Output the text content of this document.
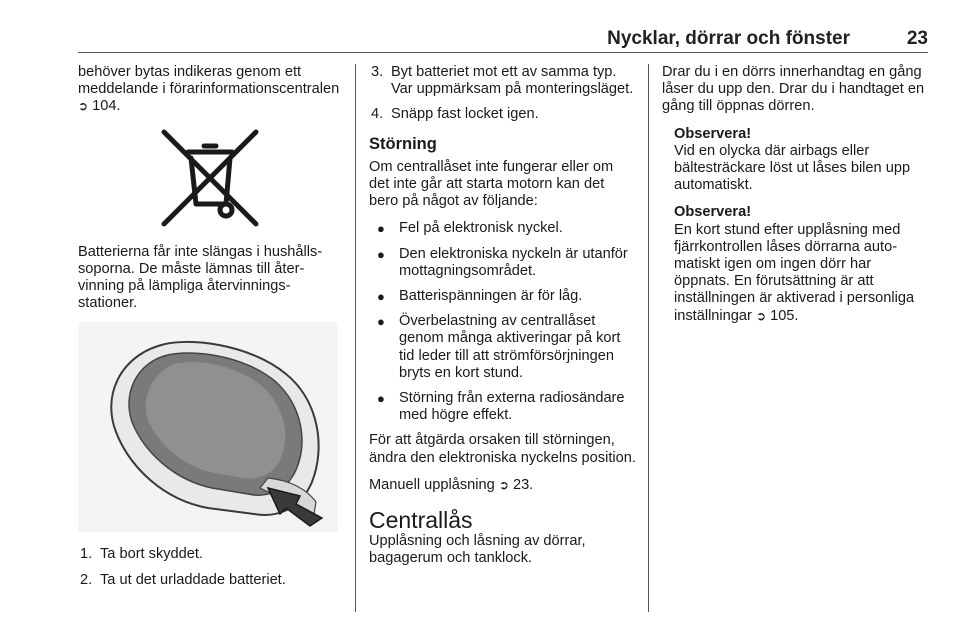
Nycklar, dörrar och fönster	23

behöver bytas indikeras genom ett meddelande i förarinformationscentralen ➲ 104.

Batterierna får inte slängas i hushållssoporna. De måste lämnas till återvinning på lämpliga återvinningsstationer.

1. Ta bort skyddet.
2. Ta ut det urladdade batteriet.
3. Byt batteriet mot ett av samma typ. Var uppmärksam på monteringsläget.
4. Snäpp fast locket igen.
Störning

Om centrallåset inte fungerar eller om det inte går att starta motorn kan det bero på något av följande:

● Fel på elektronisk nyckel.
● Den elektroniska nyckeln är utanför mottagningsområdet.
● Batterispänningen är för låg.
● Överbelastning av centrallåset genom många aktiveringar på kort tid leder till att strömförsörjningen bryts en kort stund.
● Störning från externa radiosändare med högre effekt.

För att åtgärda orsaken till störningen, ändra den elektroniska nyckelns position.

Manuell upplåsning ➲ 23.

Centrallås

Upplåsning och låsning av dörrar, bagagerum och tanklock.

Drar du i en dörrs innerhandtag en gång låser du upp den. Drar du i handtaget en gång till öppnas dörren.

Observera!
Vid en olycka där airbags eller bältesträckare löst ut låses bilen upp automatiskt.
Observera!
En kort stund efter upplåsning med fjärrkontrollen låses dörrarna automatiskt igen om ingen dörr har öppnats. En förutsättning är att inställningen är aktiverad i personliga inställningar ➲ 105.
